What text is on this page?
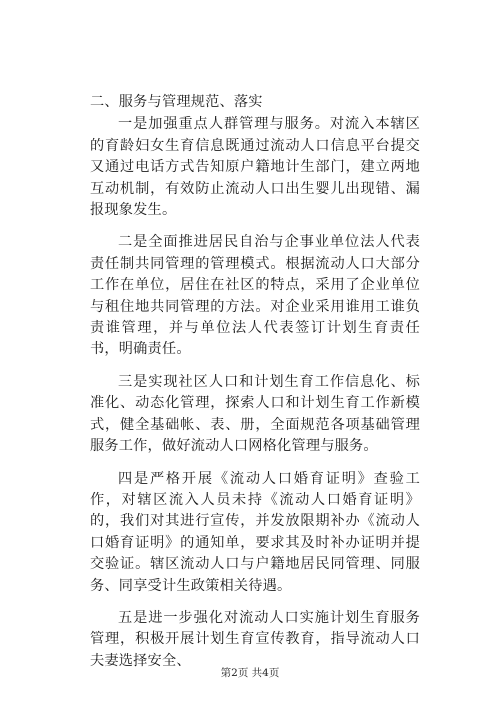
二、服务与管理规范、落实

一是加强重点人群管理与服务。对流入本辖区的育龄妇女生育信息既通过流动人口信息平台提交又通过电话方式告知原户籍地计生部门，建立两地互动机制，有效防止流动人口出生婴儿出现错、漏报现象发生。

二是全面推进居民自治与企事业单位法人代表责任制共同管理的管理模式。根据流动人口大部分工作在单位，居住在社区的特点，采用了企业单位与租住地共同管理的方法。对企业采用谁用工谁负责谁管理，并与单位法人代表签订计划生育责任书，明确责任。

三是实现社区人口和计划生育工作信息化、标准化、动态化管理，探索人口和计划生育工作新模式，健全基础帐、表、册，全面规范各项基础管理服务工作，做好流动人口网格化管理与服务。

四是严格开展《流动人口婚育证明》查验工作，对辖区流入人员未持《流动人口婚育证明》的，我们对其进行宣传，并发放限期补办《流动人口婚育证明》的通知单，要求其及时补办证明并提交验证。辖区流动人口与户籍地居民同管理、同服务、同享受计生政策相关待遇。

五是进一步强化对流动人口实施计划生育服务管理，积极开展计划生育宣传教育，指导流动人口夫妻选择安全、

第2页 共4页
